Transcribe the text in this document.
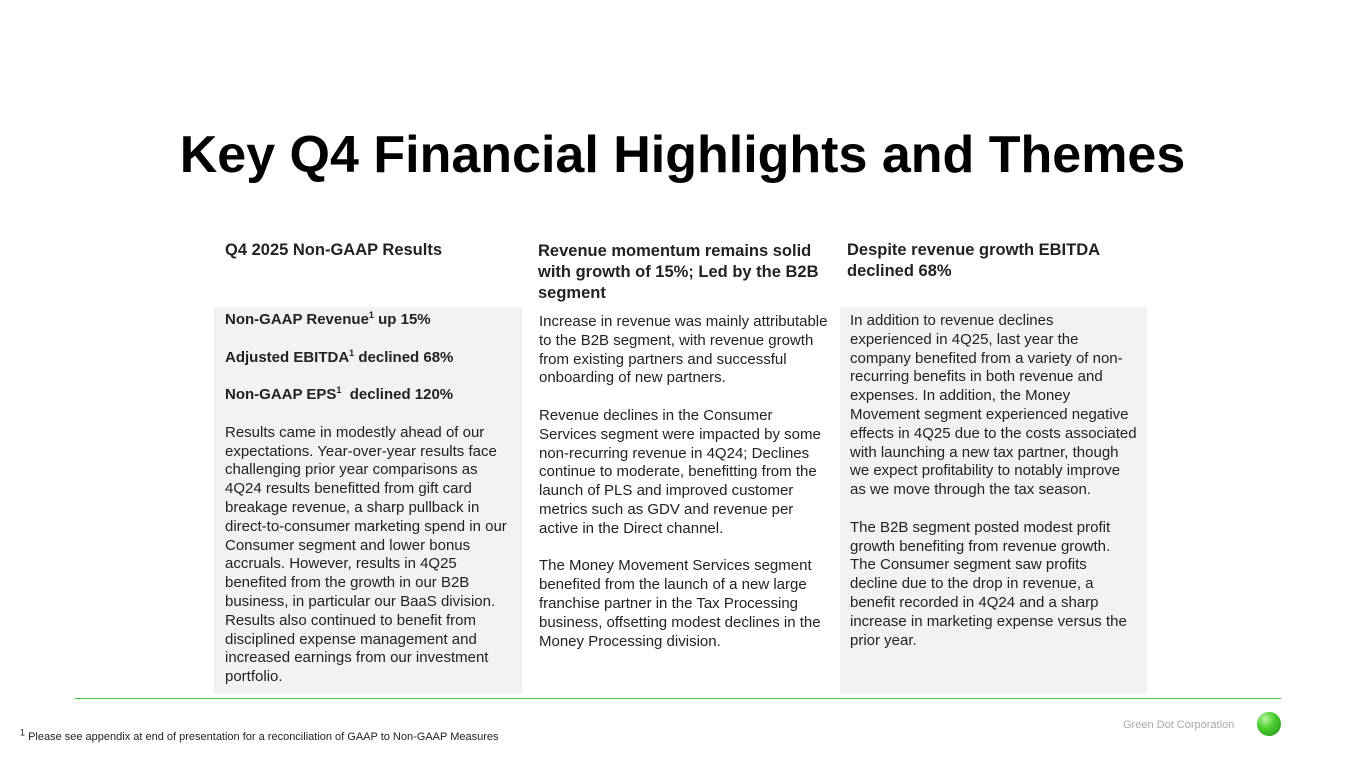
Key Q4 Financial Highlights and Themes
Q4 2025 Non-GAAP Results	Revenue momentum remains solid with growth of 15%; Led by the B2B segment
Despite revenue growth EBITDA declined 68%

Non-GAAP Revenue$^1$ up 15%

Adjusted EBITDA$^1$ declined 68%

Non-GAAP EPS$^1$  declined 120%

Results came in modestly ahead of our expectations. Year-over-year results face challenging prior year comparisons as 4Q24 results benefitted from gift card breakage revenue, a sharp pullback in direct-to-consumer marketing spend in our Consumer segment and lower bonus accruals. However, results in 4Q25 benefited from the growth in our B2B business, in particular our BaaS division. Results also continued to benefit from disciplined expense management and increased earnings from our investment portfolio.

Increase in revenue was mainly attributable to the B2B segment, with revenue growth from existing partners and successful onboarding of new partners.

Revenue declines in the Consumer Services segment were impacted by some non-recurring revenue in 4Q24; Declines continue to moderate, benefitting from the launch of PLS and improved customer metrics such as GDV and revenue per active in the Direct channel.

The Money Movement Services segment benefited from the launch of a new large franchise partner in the Tax Processing business, offsetting modest declines in the Money Processing division.

In addition to revenue declines experienced in 4Q25, last year the company benefited from a variety of non-recurring benefits in both revenue and expenses. In addition, the Money Movement segment experienced negative effects in 4Q25 due to the costs associated with launching a new tax partner, though we expect profitability to notably improve as we move through the tax season.

The B2B segment posted modest profit growth benefiting from revenue growth. The Consumer segment saw profits decline due to the drop in revenue, a benefit recorded in 4Q24 and a sharp increase in marketing expense versus the prior year.

$^1$ Please see appendix at end of presentation for a reconciliation of GAAP to Non-GAAP Measures
Green Dot Corporation
